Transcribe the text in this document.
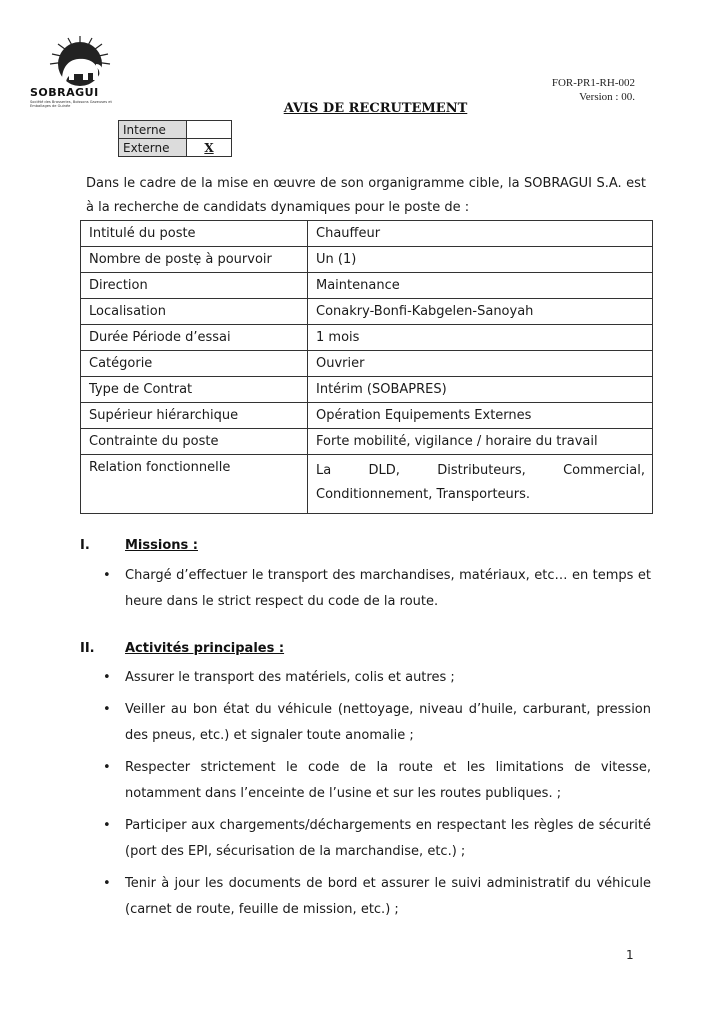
SOBRAGUI
Société des Brasseries, Boissons Gazeuses et Emballages de Guinée
FOR-PR1-RH-002
Version : 00.
AVIS DE RECRUTEMENT
Interne	
Externe	X
Dans le cadre de la mise en œuvre de son organigramme cible, la SOBRAGUI S.A. est à la recherche de candidats dynamiques pour le poste de :
Intitulé du poste	Chauffeur
Nombre de postẹ à pourvoir	Un (1)
Direction	Maintenance
Localisation	Conakry-Bonfi-Kabgelen-Sanoyah
Durée Période d’essai	1 mois
Catégorie	Ouvrier
Type de Contrat	Intérim (SOBAPRES)
Supérieur hiérarchique	Opération Equipements Externes
Contrainte du poste	Forte mobilité, vigilance / horaire du travail
Relation fonctionnelle	La DLD, Distributeurs, Commercial,
Conditionnement, Transporteurs.
I.	Missions :
• Chargé d’effectuer le transport des marchandises, matériaux, etc… en temps et heure dans le strict respect du code de la route.
II. Activités principales :
• Assurer le transport des matériels, colis et autres ;
• Veiller au bon état du véhicule (nettoyage, niveau d’huile, carburant, pression des pneus, etc.) et signaler toute anomalie ;
• Respecter strictement le code de la route et les limitations de vitesse, notamment dans l’enceinte de l’usine et sur les routes publiques. ;
• Participer aux chargements/déchargements en respectant les règles de sécurité (port des EPI, sécurisation de la marchandise, etc.) ;
• Tenir à jour les documents de bord et assurer le suivi administratif du véhicule (carnet de route, feuille de mission, etc.) ;
1
